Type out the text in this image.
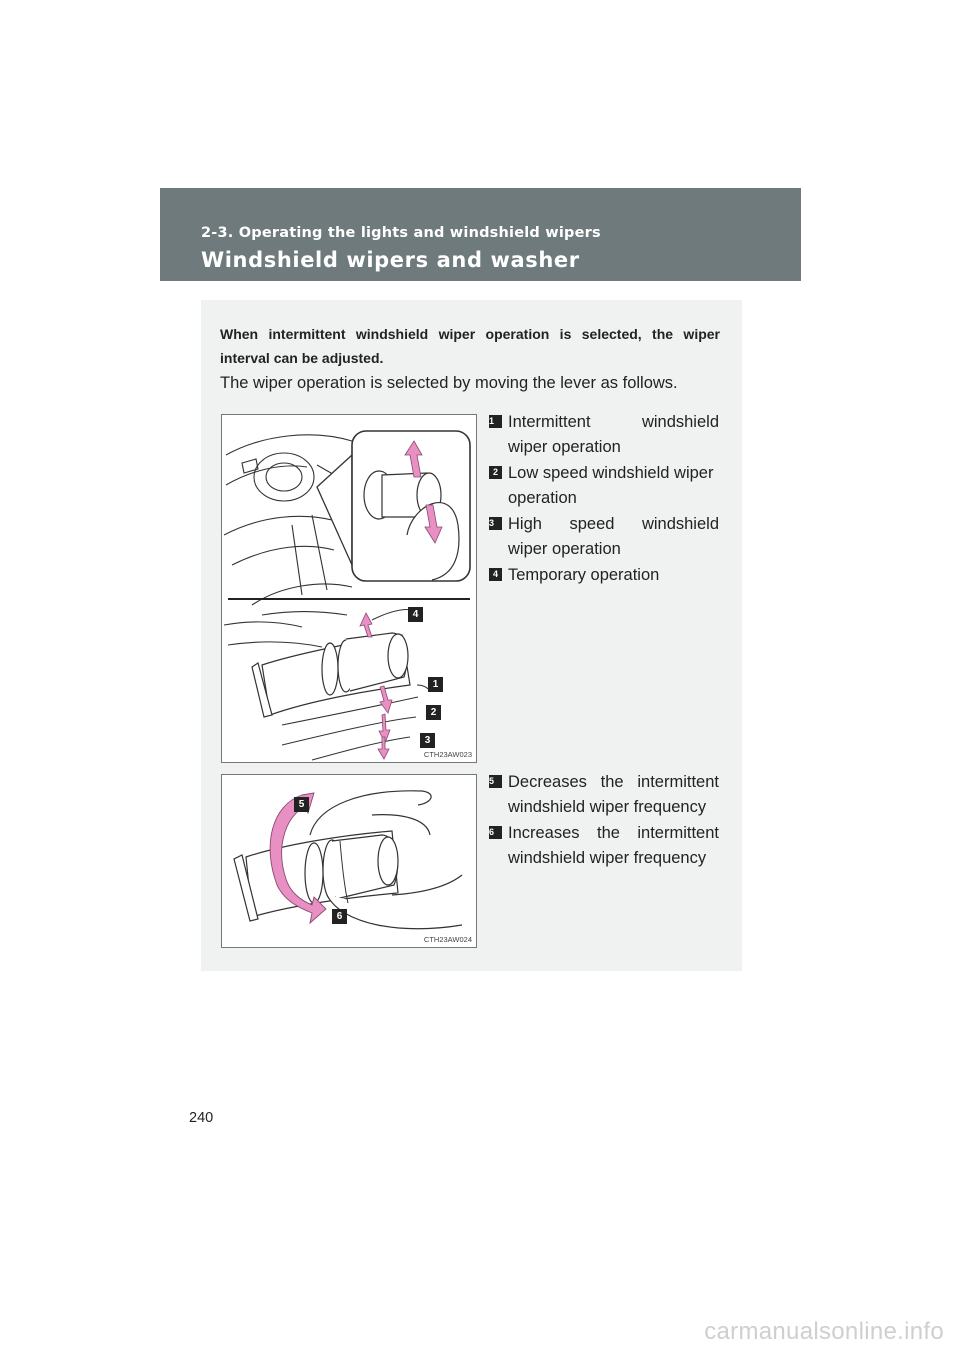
2-3. Operating the lights and windshield wipers
Windshield wipers and washer
When intermittent windshield wiper operation is selected, the wiper interval can be adjusted.
The wiper operation is selected by moving the lever as follows.
4
1
2
3
CTH23AW023
1 Intermittent windshield
wiper operation
2 Low speed windshield wiper
operation
3 High speed windshield
wiper operation
4 Temporary operation
5
6
CTH23AW024
5 Decreases the intermittent
windshield wiper frequency
6 Increases the intermittent
windshield wiper frequency
240
carmanualsonline.info
